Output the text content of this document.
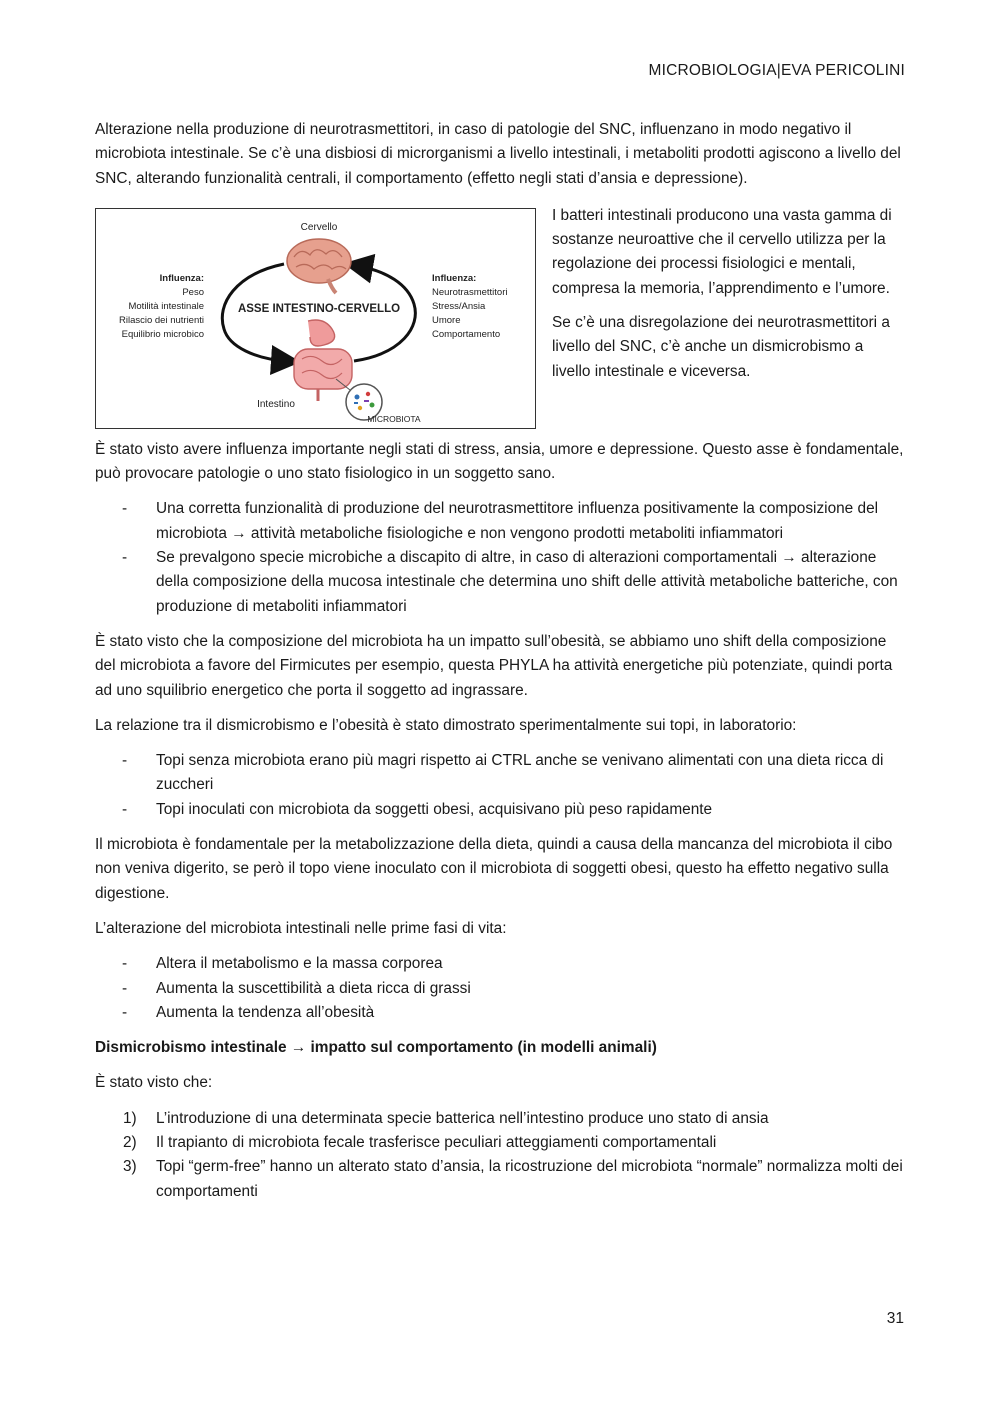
MICROBIOLOGIA|EVA PERICOLINI

Alterazione nella produzione di neurotrasmettitori, in caso di patologie del SNC, influenzano in modo negativo il microbiota intestinale. Se c’è una disbiosi di microrganismi a livello intestinali, i metaboliti prodotti agiscono a livello del SNC, alterando funzionalità centrali, il comportamento (effetto negli stati d’ansia e depressione).

Cervello
ASSE INTESTINO-CERVELLO
Intestino
MICROBIOTA
Influenza:
Peso
Motilità intestinale
Rilascio dei nutrienti
Equilibrio microbico
Influenza:
Neurotrasmettitori
Stress/Ansia
Umore
Comportamento

I batteri intestinali producono una vasta gamma di sostanze neuroattive che il cervello utilizza per la regolazione dei processi fisiologici e mentali, compresa la memoria, l’apprendimento e l’umore.

Se c’è una disregolazione dei neurotrasmettitori a livello del SNC, c’è anche un dismicrobismo a livello intestinale e viceversa.

È stato visto avere influenza importante negli stati di stress, ansia, umore e depressione. Questo asse è fondamentale, può provocare patologie o uno stato fisiologico in un soggetto sano.

- Una corretta funzionalità di produzione del neurotrasmettitore influenza positivamente la composizione del microbiota → attività metaboliche fisiologiche e non vengono prodotti metaboliti infiammatori
- Se prevalgono specie microbiche a discapito di altre, in caso di alterazioni comportamentali → alterazione della composizione della mucosa intestinale che determina uno shift delle attività metaboliche batteriche, con produzione di metaboliti infiammatori

È stato visto che la composizione del microbiota ha un impatto sull’obesità, se abbiamo uno shift della composizione del microbiota a favore del Firmicutes per esempio, questa PHYLA ha attività energetiche più potenziate, quindi porta ad uno squilibrio energetico che porta il soggetto ad ingrassare.

La relazione tra il dismicrobismo e l’obesità è stato dimostrato sperimentalmente sui topi, in laboratorio:

- Topi senza microbiota erano più magri rispetto ai CTRL anche se venivano alimentati con una dieta ricca di zuccheri
- Topi inoculati con microbiota da soggetti obesi, acquisivano più peso rapidamente

Il microbiota è fondamentale per la metabolizzazione della dieta, quindi a causa della mancanza del microbiota il cibo non veniva digerito, se però il topo viene inoculato con il microbiota di soggetti obesi, questo ha effetto negativo sulla digestione.

L’alterazione del microbiota intestinali nelle prime fasi di vita:

- Altera il metabolismo e la massa corporea
- Aumenta la suscettibilità a dieta ricca di grassi
- Aumenta la tendenza all’obesità

Dismicrobismo intestinale → impatto sul comportamento (in modelli animali)

È stato visto che:

1) L’introduzione di una determinata specie batterica nell’intestino produce uno stato di ansia
2) Il trapianto di microbiota fecale trasferisce peculiari atteggiamenti comportamentali
3) Topi “germ-free” hanno un alterato stato d’ansia, la ricostruzione del microbiota “normale” normalizza molti dei comportamenti
31
